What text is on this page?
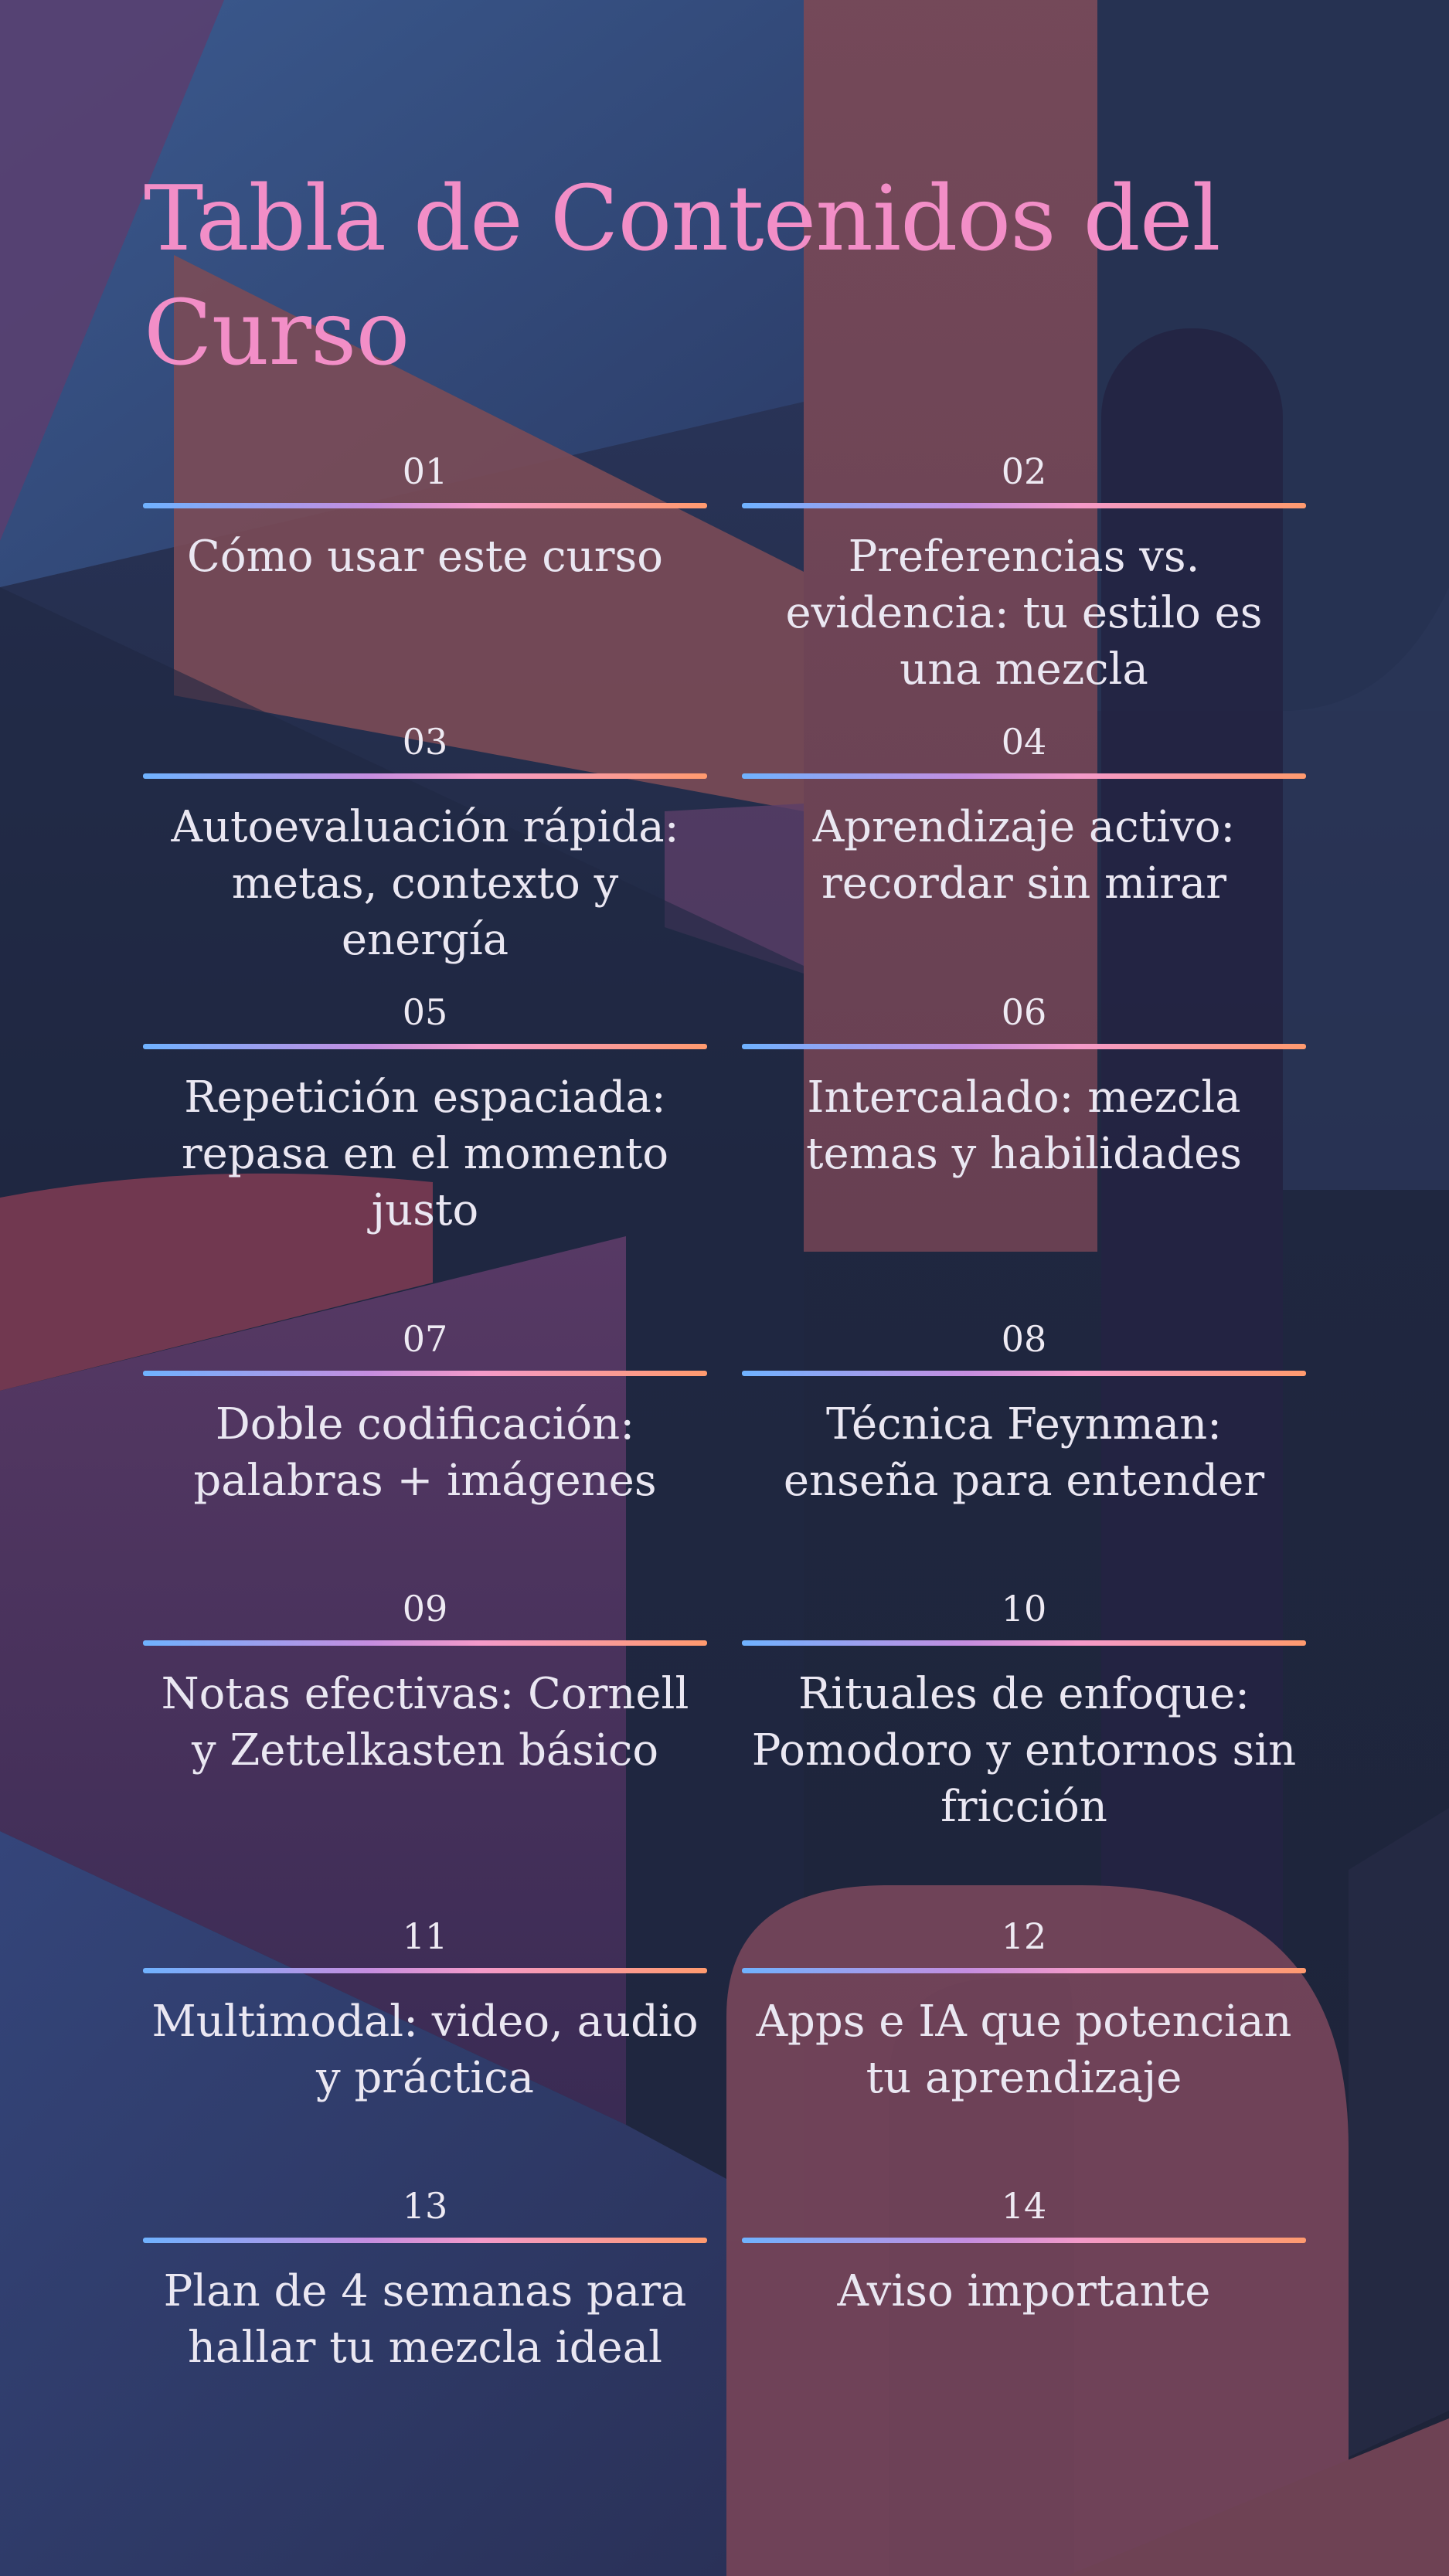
Tabla de Contenidos del Curso
01
Cómo usar este curso
02
Preferencias vs. evidencia: tu estilo es una mezcla
03
Autoevaluación rápida: metas, contexto y energía
04
Aprendizaje activo: recordar sin mirar
05
Repetición espaciada: repasa en el momento justo
06
Intercalado: mezcla temas y habilidades
07
Doble codificación: palabras + imágenes
08
Técnica Feynman: enseña para entender
09
Notas efectivas: Cornell y Zettelkasten básico
10
Rituales de enfoque: Pomodoro y entornos sin fricción
11
Multimodal: video, audio y práctica
12
Apps e IA que potencian tu aprendizaje
13
Plan de 4 semanas para hallar tu mezcla ideal
14
Aviso importante
